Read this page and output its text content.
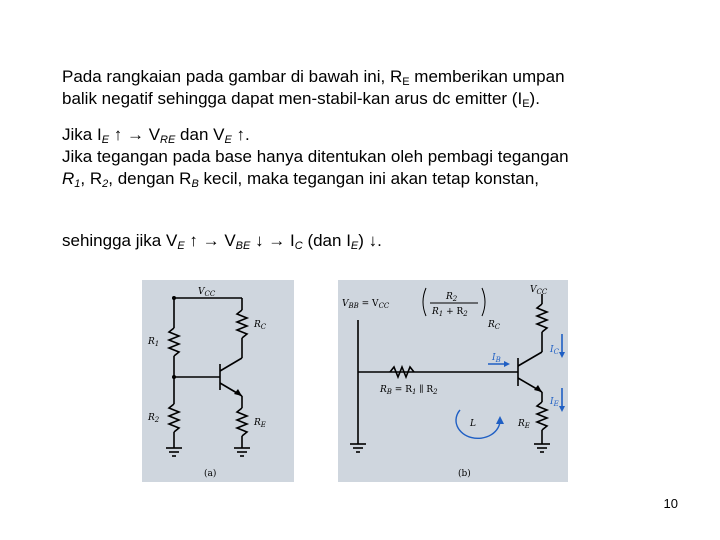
Pada rangkaian pada gambar di bawah ini, $R_E$ memberikan umpan
balik negatif sehingga dapat men-stabil-kan arus dc emitter $(I_E)$.
Jika $I_E$ ↑ → $V_{RE}$ dan $V_E$ ↑.
Jika tegangan pada base hanya ditentukan oleh pembagi tegangan
$R_1$, $R_2$, dengan $R_B$ kecil, maka tegangan ini akan tetap konstan,
sehingga jika $V_E$ ↑ → $V_{BE}$ ↓ → $I_C$ (dan $I_E$) ↓.
$V_{CC}$
$R_1$
$R_2$
$R_C$
$R_E$
(a)
$V_{BB} = V_{CC}$
$R_2$
$R_1 + R_2$
$V_{CC}$
$I_B$
$I_C$
$I_E$
L
$R_C$
$R_B = R_1$ ∥ $R_2$
$R_E$
(b)
10
